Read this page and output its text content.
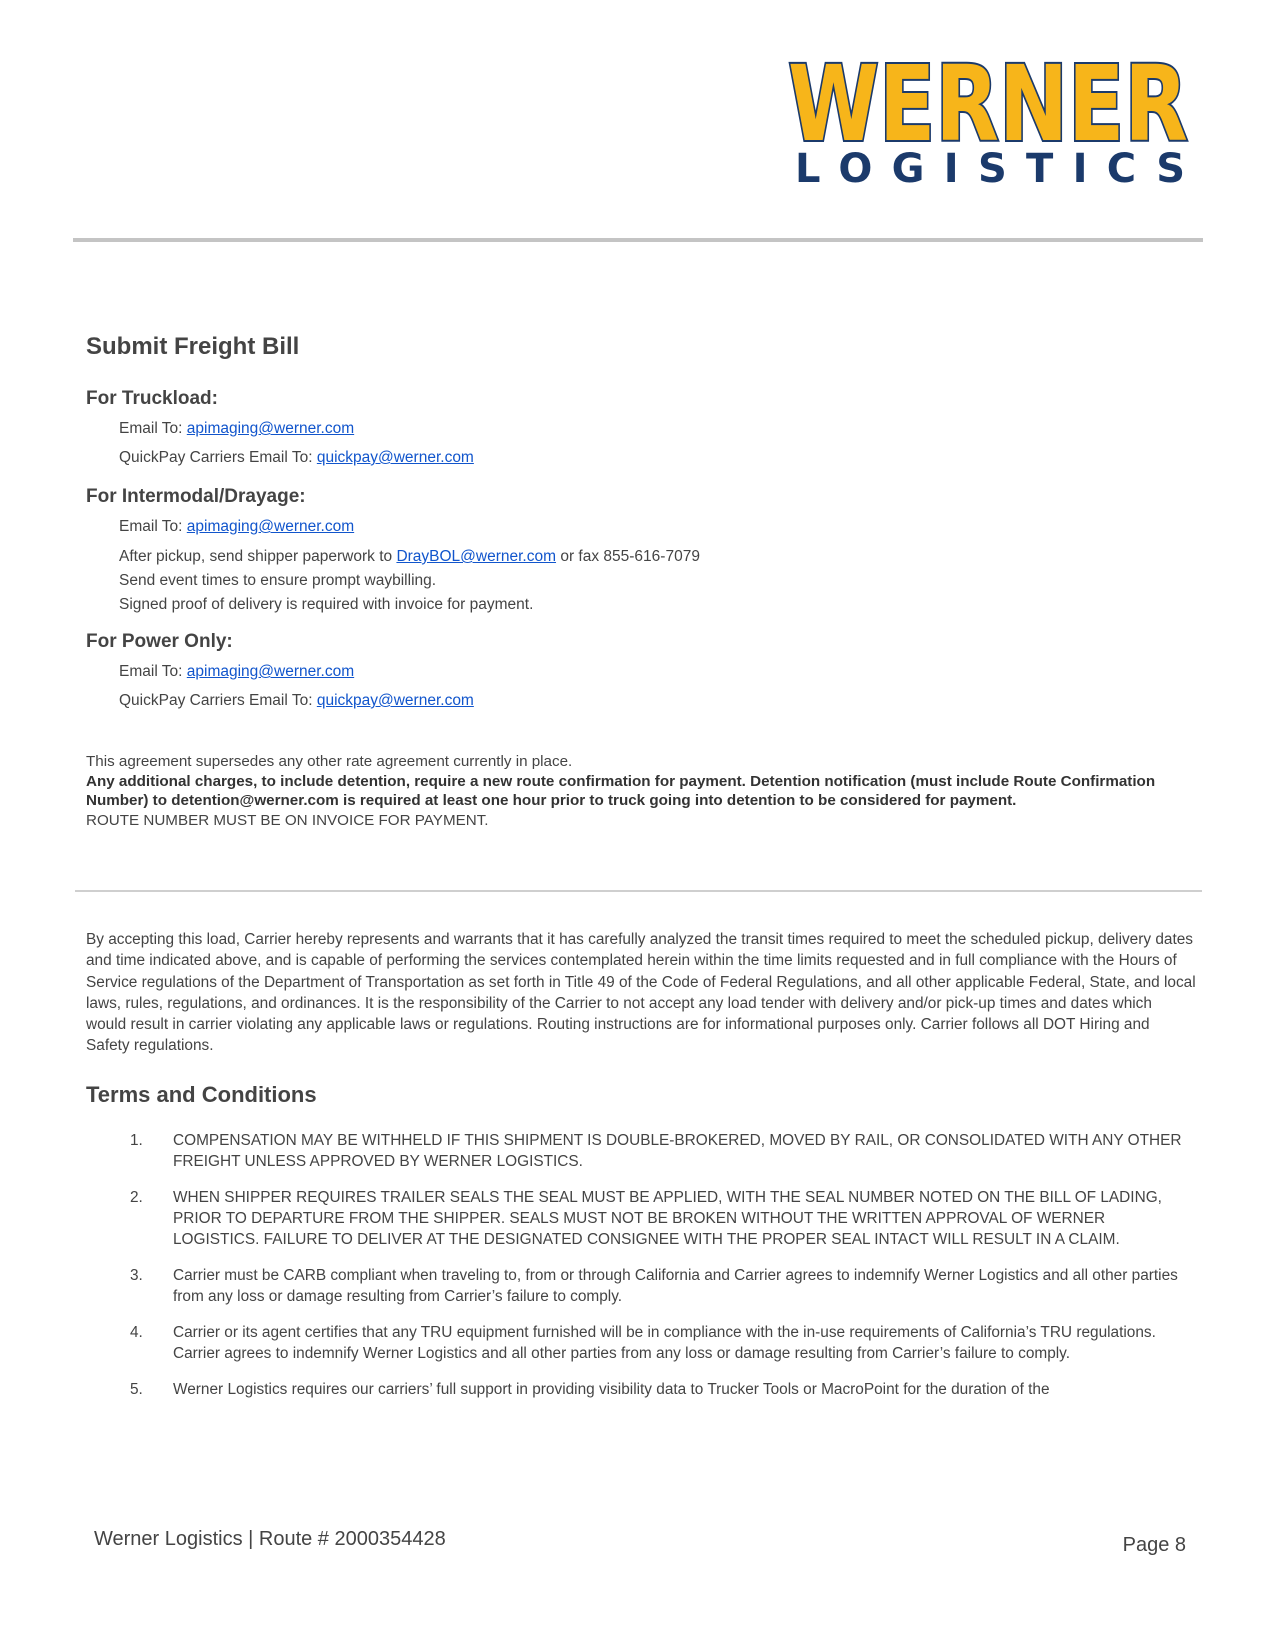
WERNER
LOGISTICS
Submit Freight Bill
For Truckload:
Email To: apimaging@werner.com
QuickPay Carriers Email To: quickpay@werner.com
For Intermodal/Drayage:
Email To: apimaging@werner.com
After pickup, send shipper paperwork to DrayBOL@werner.com or fax 855-616-7079
Send event times to ensure prompt waybilling.
Signed proof of delivery is required with invoice for payment.
For Power Only:
Email To: apimaging@werner.com
QuickPay Carriers Email To: quickpay@werner.com
This agreement supersedes any other rate agreement currently in place.
Any additional charges, to include detention, require a new route confirmation for payment. Detention notification (must include Route Confirmation Number) to detention@werner.com is required at least one hour prior to truck going into detention to be considered for payment.
ROUTE NUMBER MUST BE ON INVOICE FOR PAYMENT.
By accepting this load, Carrier hereby represents and warrants that it has carefully analyzed the transit times required to meet the scheduled pickup, delivery dates and time indicated above, and is capable of performing the services contemplated herein within the time limits requested and in full compliance with the Hours of Service regulations of the Department of Transportation as set forth in Title 49 of the Code of Federal Regulations, and all other applicable Federal, State, and local laws, rules, regulations, and ordinances. It is the responsibility of the Carrier to not accept any load tender with delivery and/or pick-up times and dates which would result in carrier violating any applicable laws or regulations. Routing instructions are for informational purposes only. Carrier follows all DOT Hiring and Safety regulations.
Terms and Conditions
1.	COMPENSATION MAY BE WITHHELD IF THIS SHIPMENT IS DOUBLE-BROKERED, MOVED BY RAIL, OR CONSOLIDATED WITH ANY OTHER FREIGHT UNLESS APPROVED BY WERNER LOGISTICS.
2.	WHEN SHIPPER REQUIRES TRAILER SEALS THE SEAL MUST BE APPLIED, WITH THE SEAL NUMBER NOTED ON THE BILL OF LADING, PRIOR TO DEPARTURE FROM THE SHIPPER. SEALS MUST NOT BE BROKEN WITHOUT THE WRITTEN APPROVAL OF WERNER LOGISTICS. FAILURE TO DELIVER AT THE DESIGNATED CONSIGNEE WITH THE PROPER SEAL INTACT WILL RESULT IN A CLAIM.
3.	Carrier must be CARB compliant when traveling to, from or through California and Carrier agrees to indemnify Werner Logistics and all other parties from any loss or damage resulting from Carrier’s failure to comply.
4.	Carrier or its agent certifies that any TRU equipment furnished will be in compliance with the in-use requirements of California’s TRU regulations. Carrier agrees to indemnify Werner Logistics and all other parties from any loss or damage resulting from Carrier’s failure to comply.
5.	Werner Logistics requires our carriers’ full support in providing visibility data to Trucker Tools or MacroPoint for the duration of the
Werner Logistics | Route # 2000354428	Page 8
